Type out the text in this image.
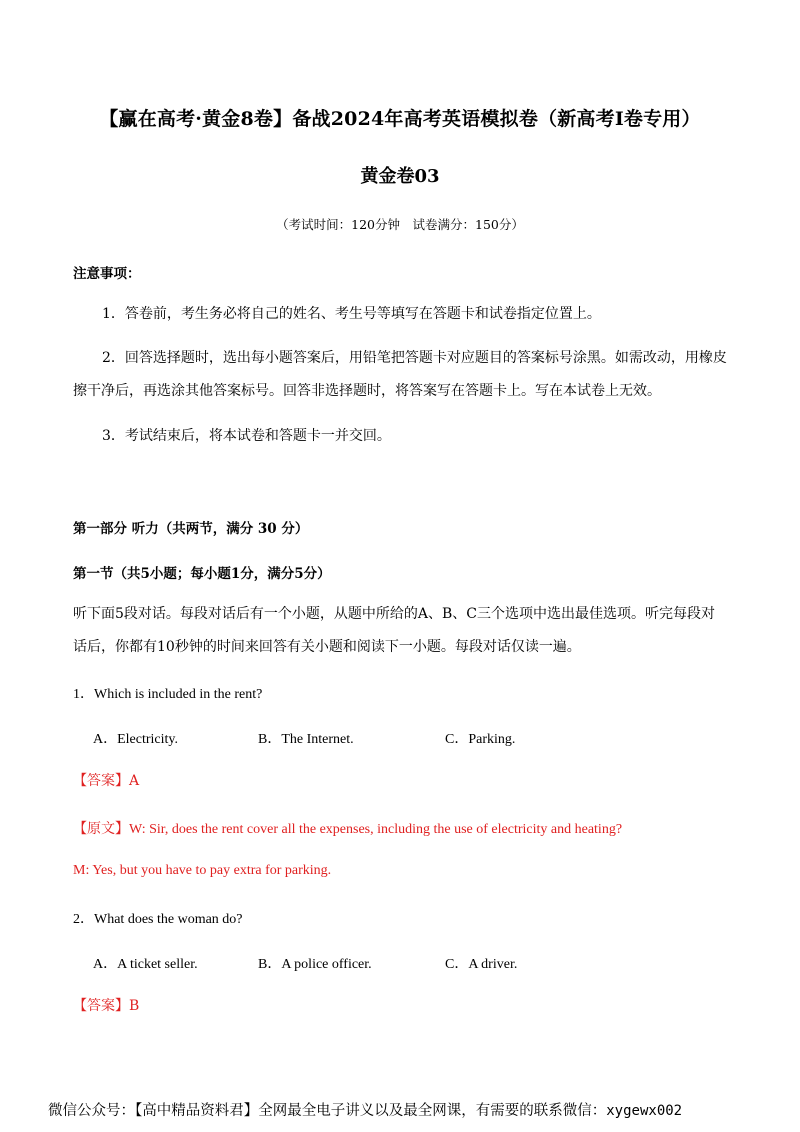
【赢在高考·黄金8卷】备战2024年高考英语模拟卷（新高考I卷专用）
黄金卷03
（考试时间：120分钟　试卷满分：150分）
注意事项：
1．答卷前，考生务必将自己的姓名、考生号等填写在答题卡和试卷指定位置上。
2．回答选择题时，选出每小题答案后，用铅笔把答题卡对应题目的答案标号涂黑。如需改动，用橡皮
擦干净后，再选涂其他答案标号。回答非选择题时，将答案写在答题卡上。写在本试卷上无效。
3．考试结束后，将本试卷和答题卡一并交回。
第一部分 听力（共两节，满分 30 分）
第一节（共5小题；每小题1分，满分5分）
听下面5段对话。每段对话后有一个小题，从题中所给的A、B、C三个选项中选出最佳选项。听完每段对
话后，你都有10秒钟的时间来回答有关小题和阅读下一小题。每段对话仅读一遍。
1．Which is included in the rent?
A．Electricity.	B．The Internet.	C．Parking.
【答案】A
【原文】W: Sir, does the rent cover all the expenses, including the use of electricity and heating?
M: Yes, but you have to pay extra for parking.
2．What does the woman do?
A．A ticket seller.	B．A police officer.	C．A driver.
【答案】B
微信公众号：【高中精品资料君】全网最全电子讲义以及最全网课，有需要的联系微信：xygewx002
